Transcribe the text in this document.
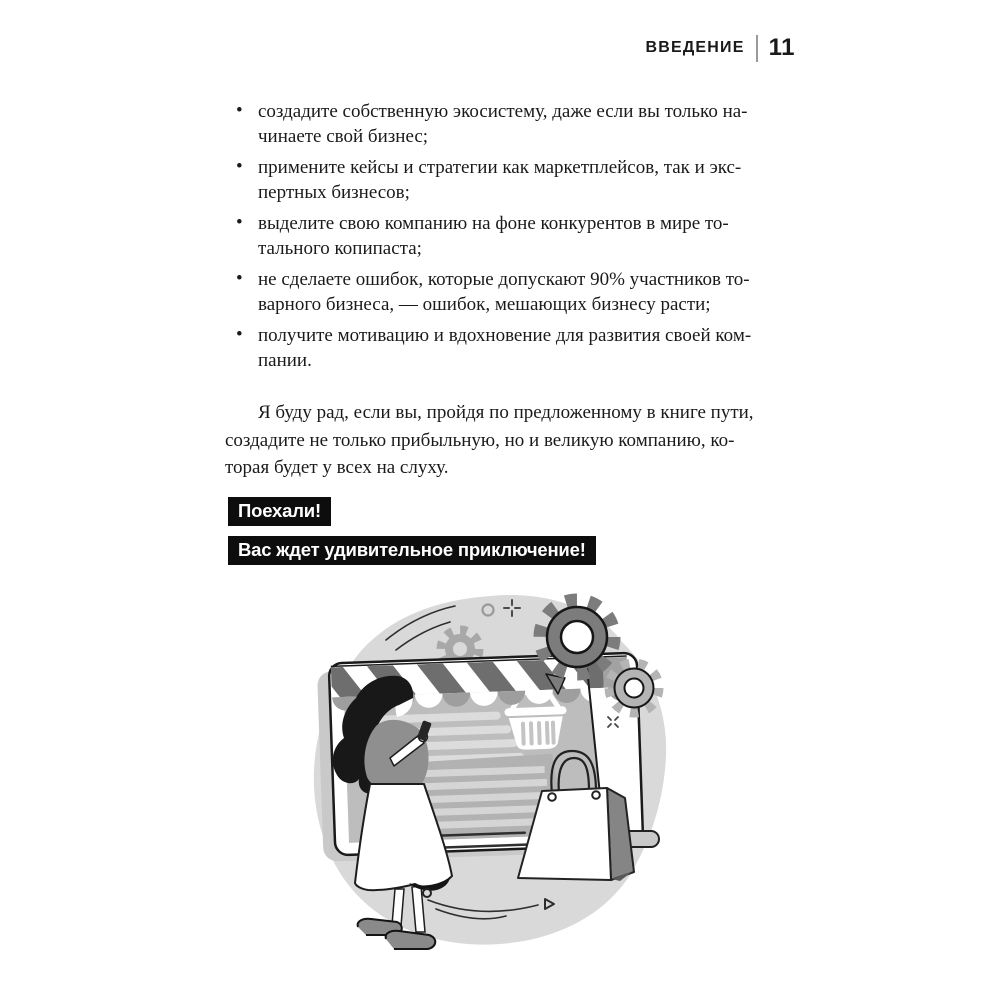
ВВЕДЕНИЕ 11
• создадите собственную экосистему, даже если вы только на-
чинаете свой бизнес;
• примените кейсы и стратегии как маркетплейсов, так и экс-
пертных бизнесов;
• выделите свою компанию на фоне конкурентов в мире то-
тального копипаста;
• не сделаете ошибок, которые допускают 90% участников то-
варного бизнеса, — ошибок, мешающих бизнесу расти;
• получите мотивацию и вдохновение для развития своей ком-
пании.
Я буду рад, если вы, пройдя по предложенному в книге пути,
создадите не только прибыльную, но и великую компанию, ко-
торая будет у всех на слуху.
Поехали!
Вас ждет удивительное приключение!
